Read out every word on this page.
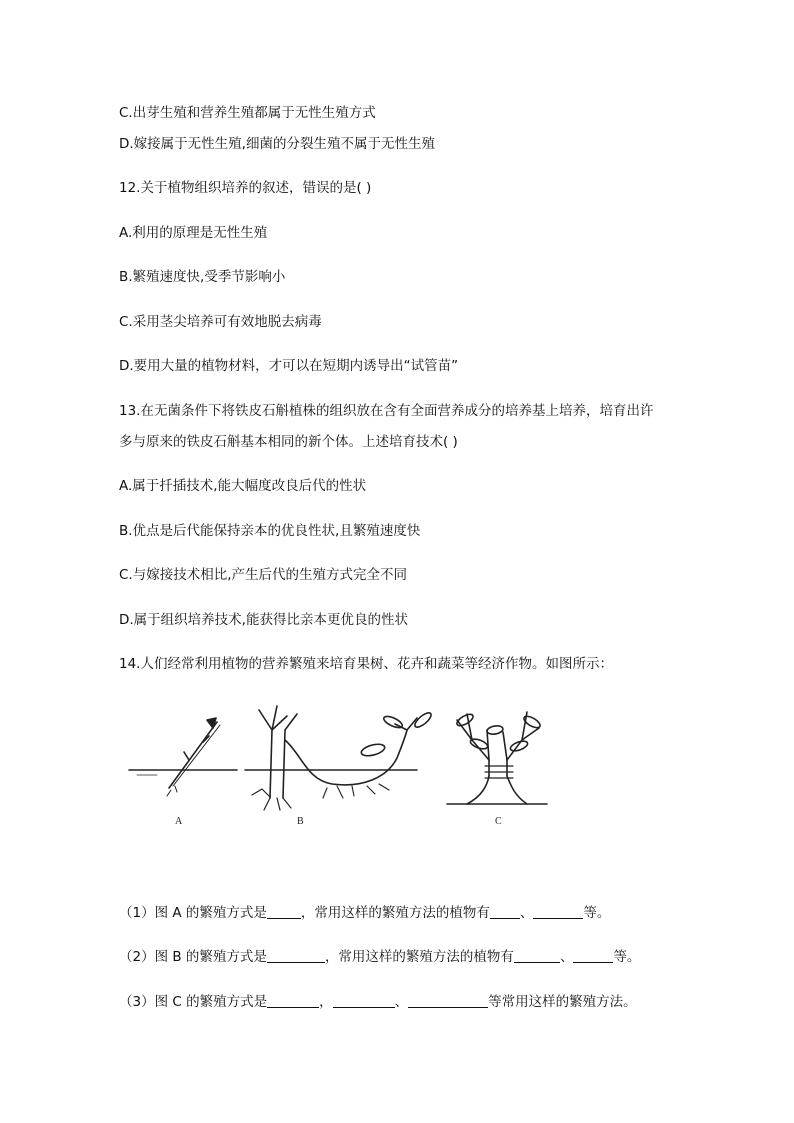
C.出芽生殖和营养生殖都属于无性生殖方式
D.嫁接属于无性生殖,细菌的分裂生殖不属于无性生殖
12.关于植物组织培养的叙述，错误的是( )
A.利用的原理是无性生殖
B.繁殖速度快,受季节影响小
C.采用茎尖培养可有效地脱去病毒
D.要用大量的植物材料，才可以在短期内诱导出“试管苗”
13.在无菌条件下将铁皮石斛植株的组织放在含有全面营养成分的培养基上培养，培育出许
多与原来的铁皮石斛基本相同的新个体。上述培育技术( )
A.属于扦插技术,能大幅度改良后代的性状
B.优点是后代能保持亲本的优良性状,且繁殖速度快
C.与嫁接技术相比,产生后代的生殖方式完全不同
D.属于组织培养技术,能获得比亲本更优良的性状
14.人们经常利用植物的营养繁殖来培育果树、花卉和蔬菜等经济作物。如图所示：
A	B	C
（1）图 A 的繁殖方式是	，常用这样的繁殖方法的植物有 、	等。
（2）图 B 的繁殖方式是	，常用这样的繁殖方法的植物有	、	等。
（3）图 C 的繁殖方式是	，	、	等常用这样的繁殖方法。
